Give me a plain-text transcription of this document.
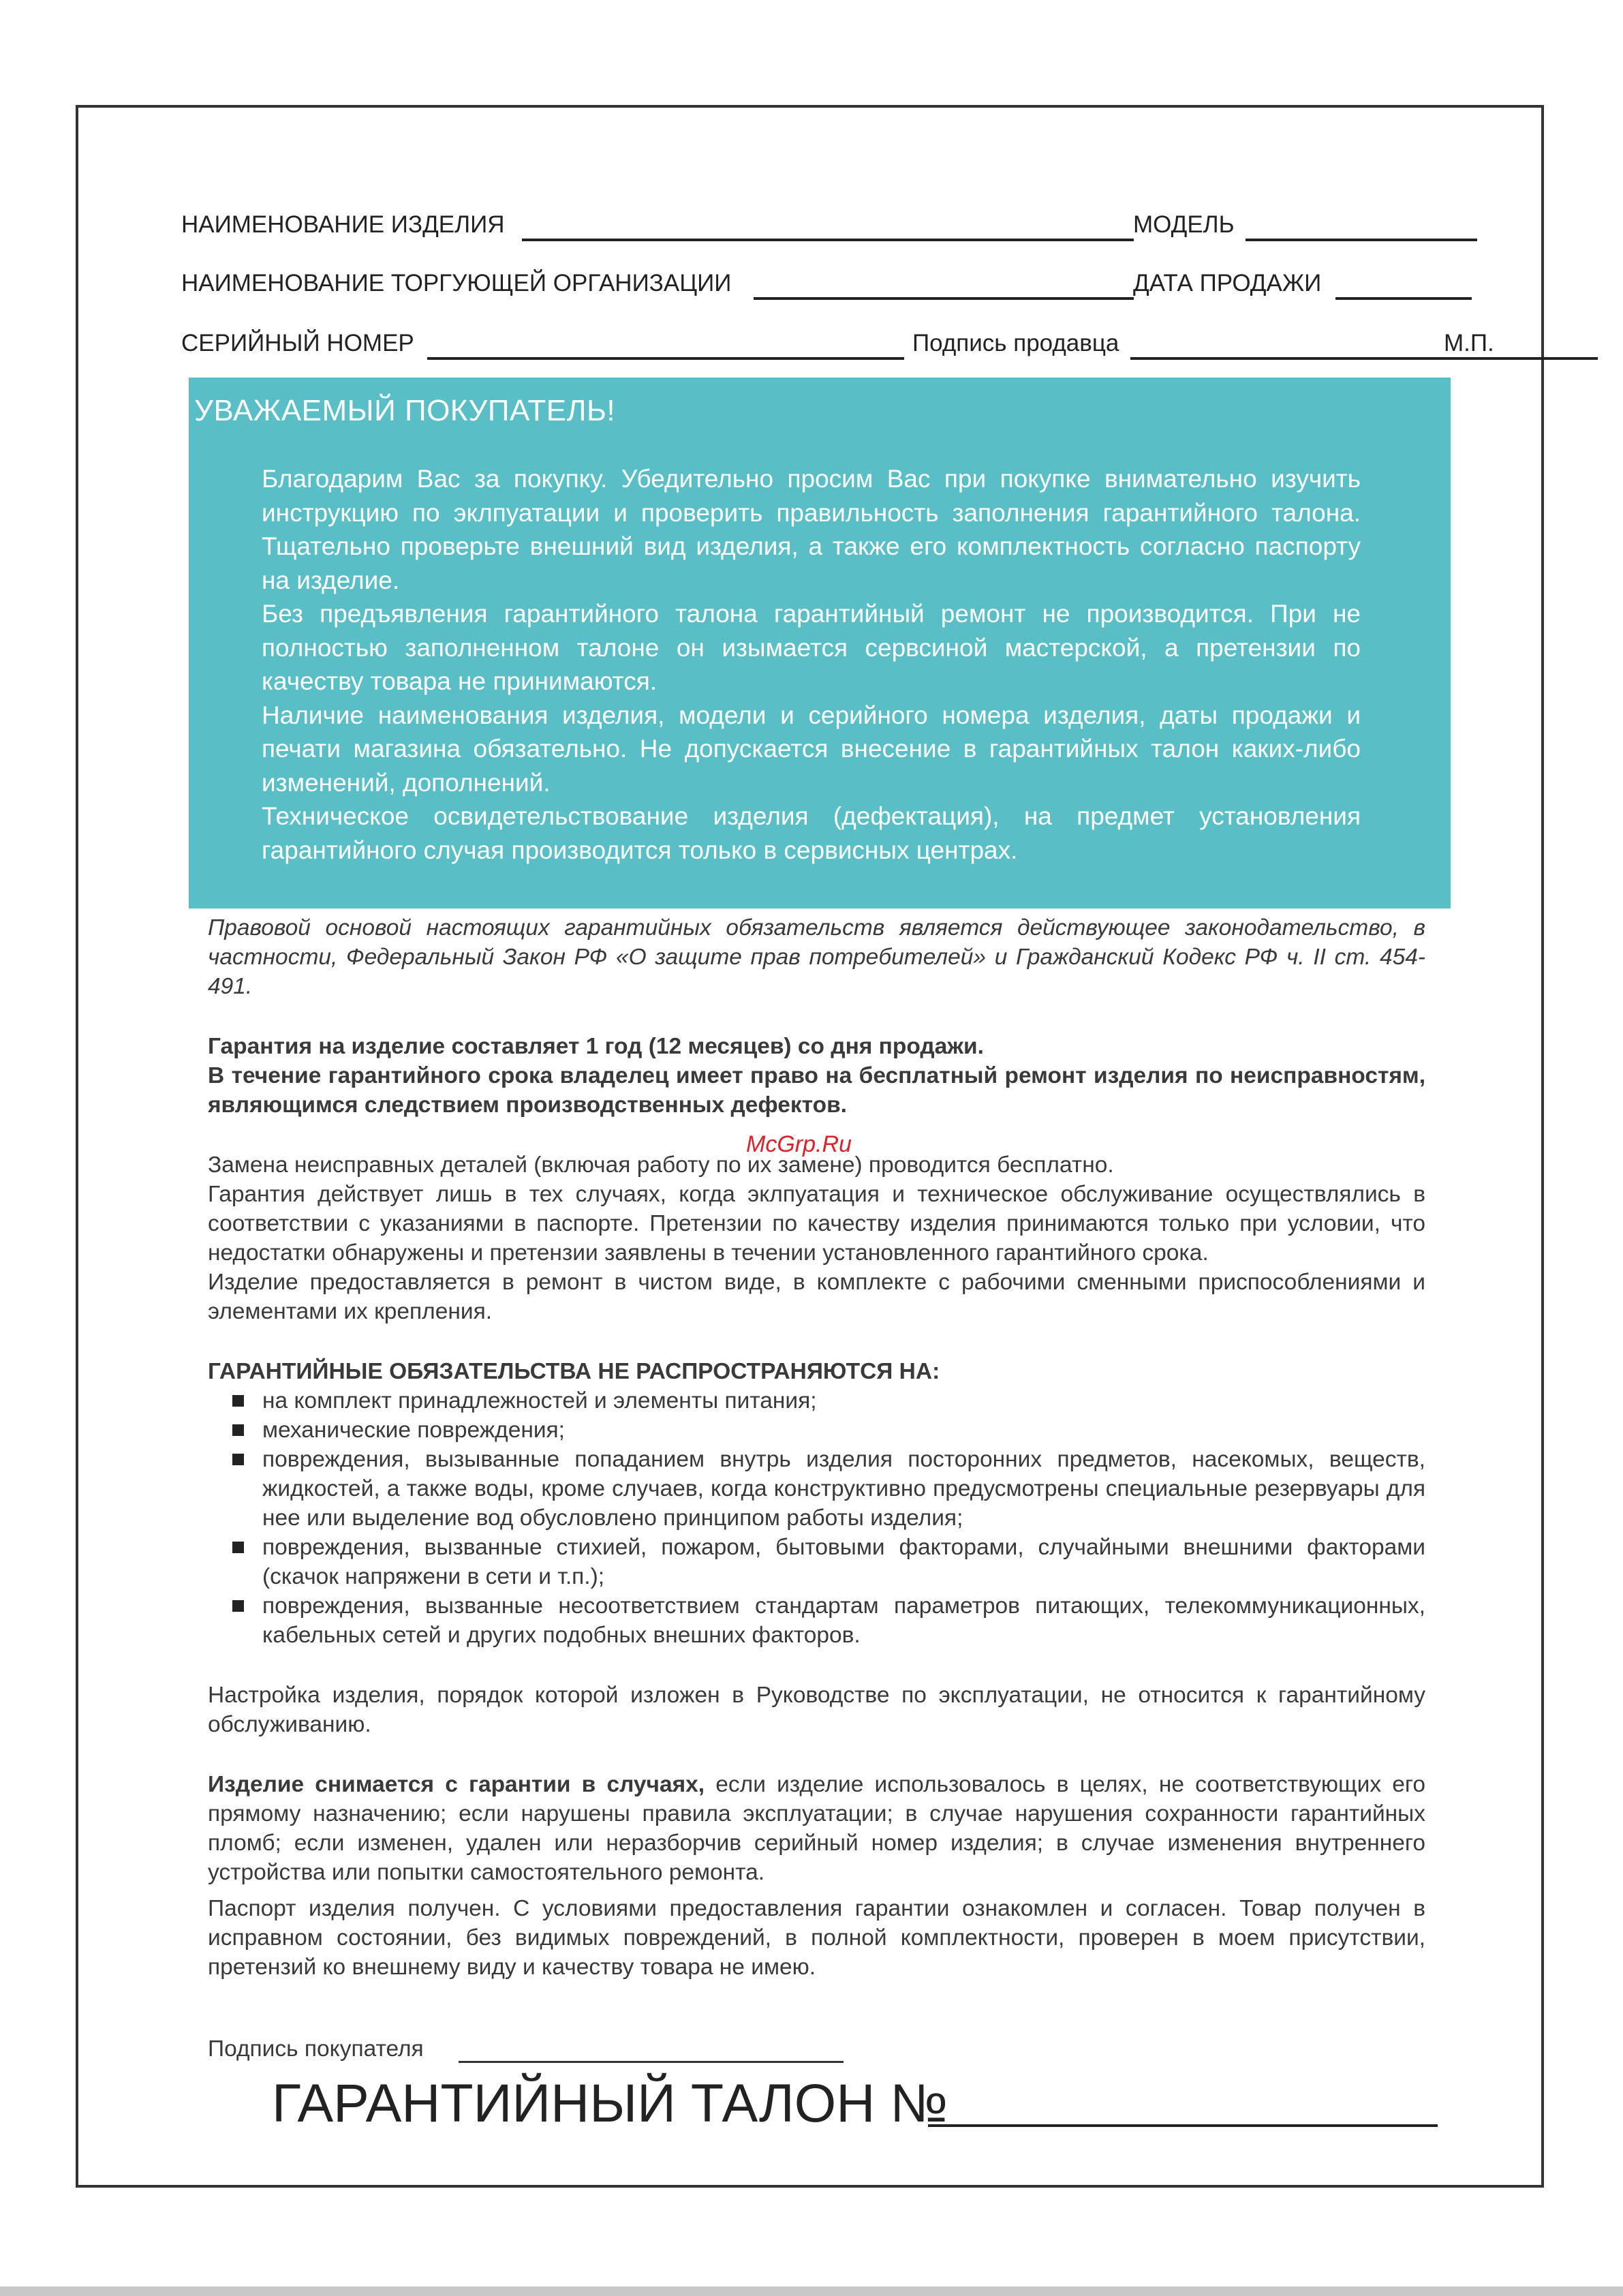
НАИМЕНОВАНИЕ ИЗДЕЛИЯ	МОДЕЛЬ
НАИМЕНОВАНИЕ ТОРГУЮЩЕЙ ОРГАНИЗАЦИИ	ДАТА ПРОДАЖИ
СЕРИЙНЫЙ НОМЕР	Подпись продавца	М.П.
УВАЖАЕМЫЙ ПОКУПАТЕЛЬ!

Благодарим Вас за покупку. Убедительно просим Вас при покупке внимательно изучить инструкцию по эклпуатации и проверить правильность заполнения гарантийного талона. Тщательно проверьте внешний вид изделия, а также его комплектность согласно паспорту на изделие.

Без предъявления гарантийного талона гарантийный ремонт не производится. При не полностью заполненном талоне он изымается сервсиной мастерской, а претензии по качеству товара не принимаются.

Наличие наименования изделия, модели и серийного номера изделия, даты продажи и печати магазина обязательно. Не допускается внесение в гарантийных талон каких-либо изменений, дополнений.

Техническое освидетельствование изделия (дефектация), на предмет установления гарантийного случая производится только в сервисных центрах.

Правовой основой настоящих гарантийных обязательств является действующее законодательство, в частности, Федеральный Закон РФ «О защите прав потребителей» и Гражданский Кодекс РФ ч. II ст. 454-491.

Гарантия на изделие составляет 1 год (12 месяцев) со дня продажи.

В течение гарантийного срока владелец имеет право на бесплатный ремонт изделия по неисправностям, являющимся следствием производственных дефектов.

Замена неисправных деталей (включая работу по их замене) проводится бесплатно.

Гарантия действует лишь в тех случаях, когда эклпуатация и техническое обслуживание осуществлялись в соответствии с указаниями в паспорте. Претензии по качеству изделия принимаются только при условии, что недостатки обнаружены и претензии заявлены в течении установленного гарантийного срока.

Изделие предоставляется в ремонт в чистом виде, в комплекте с рабочими сменными приспособлениями и элементами их крепления.

ГАРАНТИЙНЫЕ ОБЯЗАТЕЛЬСТВА НЕ РАСПРОСТРАНЯЮТСЯ НА:

на комплект принадлежностей и элементы питания;
механические повреждения;
повреждения, вызыванные попаданием внутрь изделия посторонних предметов, насекомых, веществ, жидкостей, а также воды, кроме случаев, когда конструктивно предусмотрены специальные резервуары для нее или выделение вод обусловлено принципом работы изделия;
повреждения, вызванные стихией, пожаром, бытовыми факторами, случайными внешними факторами (скачок напряжени в сети и т.п.);
повреждения, вызванные несоответствием стандартам параметров питающих, телекоммуникационных, кабельных сетей и других подобных внешних факторов.

Настройка изделия, порядок которой изложен в Руководстве по эксплуатации, не относится к гарантийному обслуживанию.

Изделие снимается с гарантии в случаях, если изделие использовалось в целях, не соответствующих его прямому назначению; если нарушены правила эксплуатации; в случае нарушения сохранности гарантийных пломб; если изменен, удален или неразборчив серийный номер изделия; в случае изменения внутреннего устройства или попытки самостоятельного ремонта.

Паспорт изделия получен. С условиями предоставления гарантии ознакомлен и согласен. Товар получен в исправном состоянии, без видимых повреждений, в полной комплектности, проверен в моем присутствии, претензий ко внешнему виду и качеству товара не имею.

McGrp.Ru
Подпись покупателя
ГАРАНТИЙНЫЙ ТАЛОН №
